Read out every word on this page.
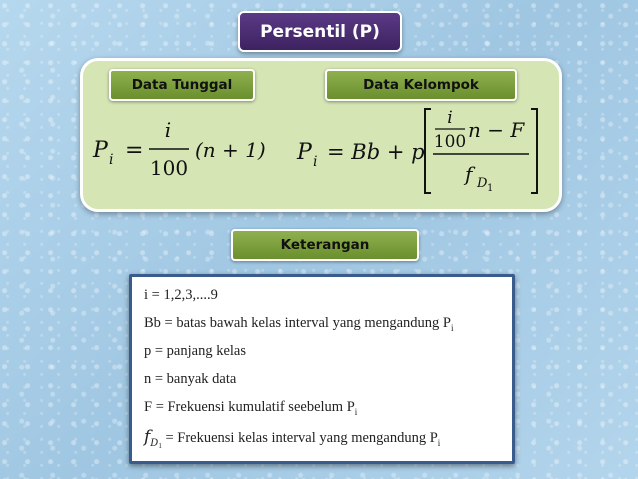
Persentil (P)
Data Tunggal	Data Kelompok
P i =
i
100
(n + 1) P i = Bb + p
i
100 n − F
f D 1
Keterangan
i = 1,2,3,....9
Bb = batas bawah kelas interval yang mengandung $P_i$
p = panjang kelas
n = banyak data
F = Frekuensi kumulatif seebelum $P_i$
$f_{D1}$ = Frekuensi kelas interval yang mengandung $P_i$
